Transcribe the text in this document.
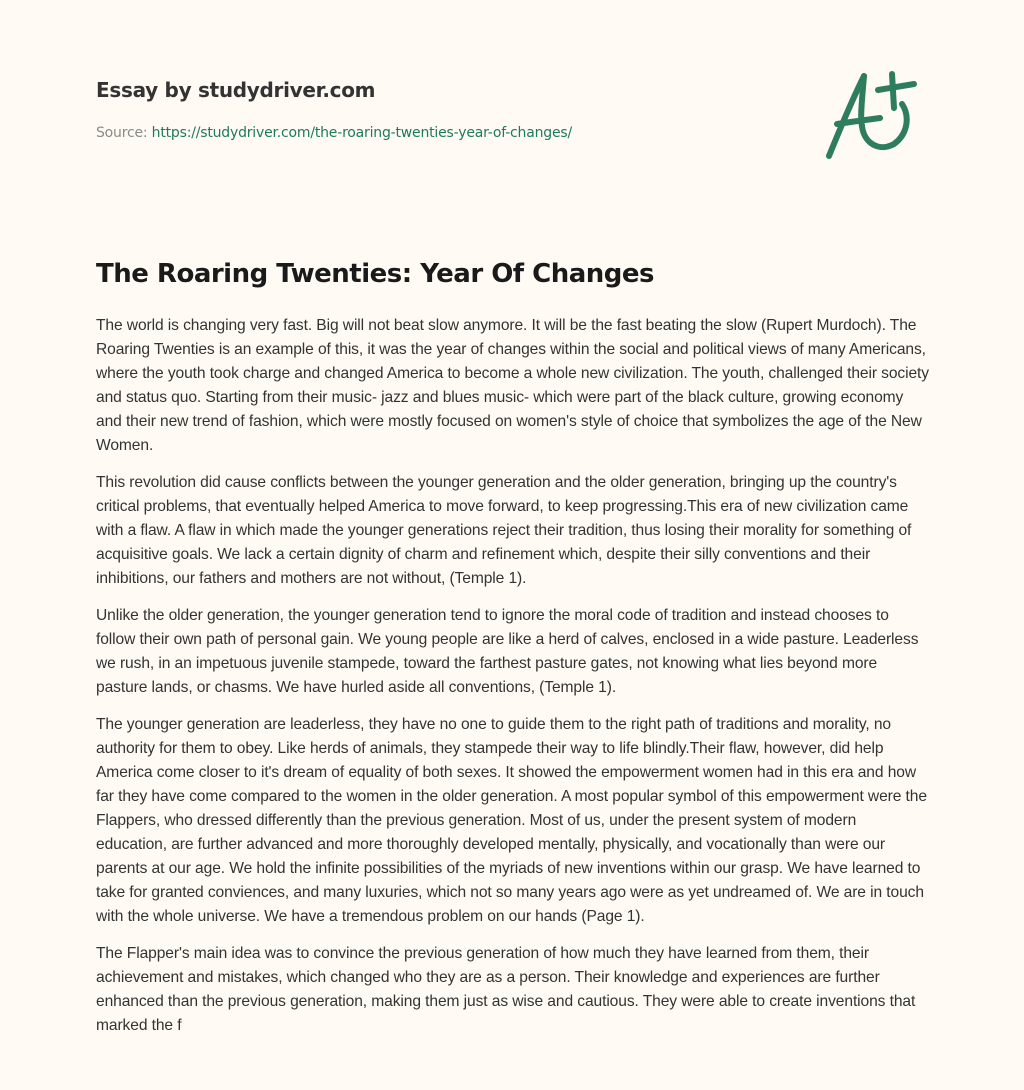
Essay by studydriver.com
Source: https://studydriver.com/the-roaring-twenties-year-of-changes/
The Roaring Twenties: Year Of Changes

The world is changing very fast. Big will not beat slow anymore. It will be the fast beating the slow (Rupert Murdoch). The Roaring Twenties is an example of this, it was the year of changes within the social and political views of many Americans, where the youth took charge and changed America to become a whole new civilization. The youth, challenged their society and status quo. Starting from their music- jazz and blues music- which were part of the black culture, growing economy and their new trend of fashion, which were mostly focused on women's style of choice that symbolizes the age of the New Women.

This revolution did cause conflicts between the younger generation and the older generation, bringing up the country's critical problems, that eventually helped America to move forward, to keep progressing.This era of new civilization came with a flaw. A flaw in which made the younger generations reject their tradition, thus losing their morality for something of acquisitive goals. We lack a certain dignity of charm and refinement which, despite their silly conventions and their inhibitions, our fathers and mothers are not without, (Temple 1).

Unlike the older generation, the younger generation tend to ignore the moral code of tradition and instead chooses to follow their own path of personal gain. We young people are like a herd of calves, enclosed in a wide pasture. Leaderless we rush, in an impetuous juvenile stampede, toward the farthest pasture gates, not knowing what lies beyond more pasture lands, or chasms. We have hurled aside all conventions, (Temple 1).

The younger generation are leaderless, they have no one to guide them to the right path of traditions and morality, no authority for them to obey. Like herds of animals, they stampede their way to life blindly.Their flaw, however, did help America come closer to it's dream of equality of both sexes. It showed the empowerment women had in this era and how far they have come compared to the women in the older generation. A most popular symbol of this empowerment were the Flappers, who dressed differently than the previous generation. Most of us, under the present system of modern education, are further advanced and more thoroughly developed mentally, physically, and vocationally than were our parents at our age. We hold the infinite possibilities of the myriads of new inventions within our grasp. We have learned to take for granted conviences, and many luxuries, which not so many years ago were as yet undreamed of. We are in touch with the whole universe. We have a tremendous problem on our hands (Page 1).

The Flapper's main idea was to convince the previous generation of how much they have learned from them, their achievement and mistakes, which changed who they are as a person. Their knowledge and experiences are further enhanced than the previous generation, making them just as wise and cautious. They were able to create inventions that marked the f
